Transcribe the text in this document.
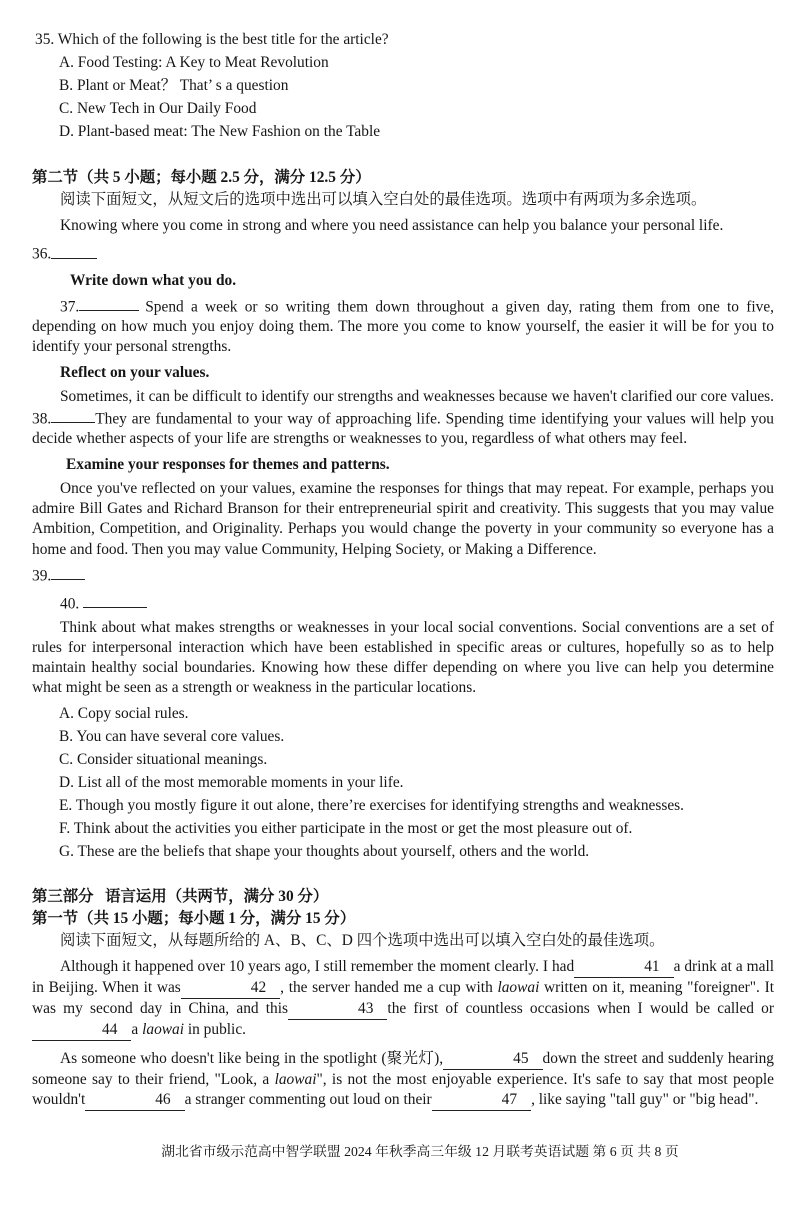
35. Which of the following is the best title for the article?

A. Food Testing: A Key to Meat Revolution

B. Plant or Meat？ That’ s a question

C. New Tech in Our Daily Food

D. Plant-based meat: The New Fashion on the Table

第二节（共 5 小题；每小题 2.5 分，满分 12.5 分）

阅读下面短文，从短文后的选项中选出可以填入空白处的最佳选项。选项中有两项为多余选项。

Knowing where you come in strong and where you need assistance can help you balance your personal life.

36.

Write down what you do.

37.	Spend a week or so writing them down throughout a given day, rating them from one to five, depending on how much you enjoy doing them. The more you come to know yourself, the easier it will be for you to identify your personal strengths.

Reflect on your values.

Sometimes, it can be difficult to identify our strengths and weaknesses because we haven't clarified our core values. 38.	They are fundamental to your way of approaching life. Spending time identifying your values will help you decide whether aspects of your life are strengths or weaknesses to you, regardless of what others may feel.

Examine your responses for themes and patterns.

Once you've reflected on your values, examine the responses for things that may repeat. For example, perhaps you admire Bill Gates and Richard Branson for their entrepreneurial spirit and creativity. This suggests that you may value Ambition, Competition, and Originality. Perhaps you would change the poverty in your community so everyone has a home and food. Then you may value Community, Helping Society, or Making a Difference.

39.

40.

Think about what makes strengths or weaknesses in your local social conventions. Social conventions are a set of rules for interpersonal interaction which have been established in specific areas or cultures, hopefully so as to help maintain healthy social boundaries. Knowing how these differ depending on where you live can help you determine what might be seen as a strength or weakness in the particular locations.

A. Copy social rules.

B. You can have several core values.

C. Consider situational meanings.

D. List all of the most memorable moments in your life.

E. Though you mostly figure it out alone, there’re exercises for identifying strengths and weaknesses.

F. Think about the activities you either participate in the most or get the most pleasure out of.

G. These are the beliefs that shape your thoughts about yourself, others and the world.

第三部分 语言运用（共两节，满分 30 分）

第一节（共 15 小题；每小题 1 分，满分 15 分）

阅读下面短文，从每题所给的 A、B、C、D 四个选项中选出可以填入空白处的最佳选项。

Although it happened over 10 years ago, I still remember the moment clearly. I had	41 a drink at a mall in Beijing. When it was	42 , the server handed me a cup with laowai written on it, meaning "foreigner". It was my second day in China, and this	43 the first of countless occasions when I would be called or44 a laowai in public.

As someone who doesn't like being in the spotlight (聚光灯),	45 down the street and suddenly hearing someone say to their friend, "Look, a laowai", is not the most enjoyable experience. It's safe to say that most people wouldn't	46 a stranger commenting out loud on their	47 , like saying "tall guy" or "big head".

湖北省市级示范高中智学联盟 2024 年秋季高三年级 12 月联考英语试题 第 6 页 共 8 页
